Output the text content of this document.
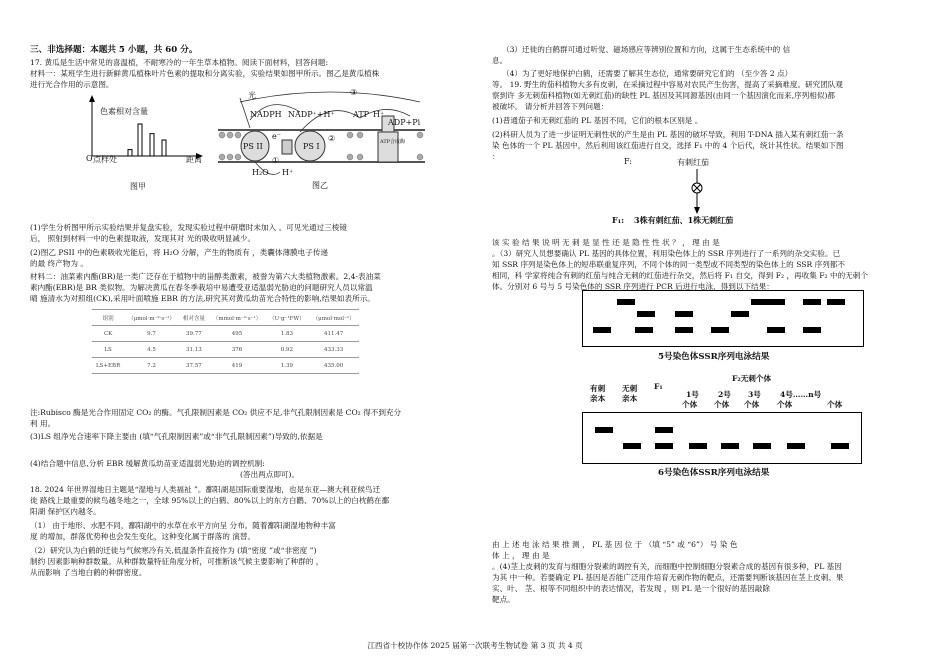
三、非选择题：本题共 5 小题，共 60 分。
17. 黄瓜是生活中常见的喜温植，不耐寒冷的一年生草本植物。阅读下面材料，回答问题:
材料一：某班学生进行新鲜黄瓜植株叶片色素的提取和分离实验，实验结果如图甲所示。图乙是黄瓜植株
进行光合作用的示意图。
色素相对含量
O 点样处	距离
图甲
光	③
NADPH NADP⁺+H⁺ ATP H⁺
ADP+Pi
PS II	PS I
e⁻
①
②	ATP合成酶
H₂O H⁺
图乙
(1)学生分析图甲所示实验结果并复盘实验，发现实验过程中研磨时未加入 。可见光通过三棱镜
后， 照射到材料一中的色素提取液，发现其对 光的吸收明显减少。
(2)图乙 PSII 中的色素吸收光能后，将 H₂O 分解，产生的物质有 ，类囊体薄膜电子传递
的最 终产物为 。
材料二：油菜素内酯(BR)是一类广泛存在于植物中的甾醇类激素，被誉为第六大类植物激素。2,4-表油菜
素内酯(EBR)是 BR 类似物。为解决黄瓜在春冬季栽培中易遭受亚适温弱光胁迫的问题研究人员以常温
晴 施清水为对照组(CK),采用叶面喷施 EBR 的方法,研究其对黄瓜幼苗光合特性的影响,结果如表所示。
组别	（μmol·m⁻²·s⁻¹）	相对含量	（mmol·m⁻²·s⁻¹）	（U·g⁻¹FW）	（μmol·mol⁻¹）
CK	9.7	39.77	495	1.83	411.47
LS	4.5	31.13	376	0.92	433.33
LS+EBR	7.2	37.57	419	1.39	435.00
注:Rubisco 酶是光合作用固定 CO₂ 的酶。气孔限制因素是 CO₂ 供应不足,非气孔限制因素是 CO₂ 得不到充分
利 用。
(3)LS 组净光合速率下降主要由 (填“气孔限制因素”或“非气孔限制因素”)导致的,依据是
(4)结合题中信息,分析 EBR 缓解黄瓜幼苗亚适温弱光胁迫的调控机制:
(答出两点即可)。
18. 2024 年世界湿地日主题是“湿地与人类福祉 ”。鄱阳湖是国际重要湿地，也是东亚—澳大利亚候鸟迁
徙 路线上最重要的候鸟越冬地之一，全球 95%以上的白鹤、80%以上的东方白鹳、70%以上的白枕鹤在鄱
阳湖 保护区内越冬。
（1） 由于地形、水肥不同，鄱阳湖中的水草在水平方向呈 分布。随着鄱阳湖湿地物种丰富
度 的增加，群落优势种也会发生变化，这种变化属于群落的 演替。
（2）研究认为白鹤的迁徙与气候寒冷有关,低温条件直接作为 (填“密度 ”或“非密度 ”)
制约 因素影响种群数量。从种群数量特征角度分析，可推断该气候主要影响了种群的 ，
从而影响 了当地白鹤的种群密度。
（3）迁徙的白鹤群可通过听觉、磁场感应等辨别位置和方向，这属于生态系统中的 信
息。
（4）为了更好地保护白鹤，还需要了解其生态位，通常要研究它们的 （至少答 2 点）
等。 19. 野生的茄科植物大多有皮刺，在采摘过程中容易对农民产生伤害，提高了采摘难度。研究团队观
察到许 多无刺茄科植物(如无刺红茄)的缺性 PL 基因及其同源基因(由同一个基因演化而来,序列相似)都
被破坏。 请分析并回答下列问题：
(1)普通茄子和无刺红茄的 PL 基因不同，它们的根本区别是 。
(2)科研人员为了进一步证明无刺性状的产生是由 PL 基因的破坏导致，利用 T-DNA 插入某有刺红茄一条
染 色体的一个 PL 基因中，然后利用该红茄进行自交，选择 F₁ 中的 4 个后代，统计其性状。结果如下图
：
F:	有刺红茄
F₁: 3株有刺红茄、1株无刺红茄
该 实 验 结 果 说 明 无 刺 是 显 性 还 是 隐 性 性 状 ？ ， 理 由 是
。（3）研究人员想要确认 PL 基因的具体位置，利用染色体上的 SSR 序列进行了一系列的杂交实验。已
知 SSR 序列是染色体上的短串联重复序列，不同个体的同一类型或不同类型的染色体上的 SSR 序列都不
相同，科 学家将纯合有刺的红茄与纯合无刺的红茄进行杂交，然后将 F₁ 自交，得到 F₂ ，再收集 F₂ 中的无刺个
体。分别对 6 号与 5 号染色体的 SSR 序列进行 PCR 后进行电泳，得到以下结果：
5号染色体SSR序列电泳结果
有刺
亲本
无刺
亲本
F₁
F₂无刺个体
1号	2号 3号	4号……n号
个体 个体 个体 个体	个体
6号染色体SSR序列电泳结果
由 上 述 电 泳 结 果 推 测 ， PL 基 因 位 于 （填 “5” 或 “6”） 号 染 色
体 上 ， 理 由 是
。(4)茎上皮刺的发育与细胞分裂素的调控有关，而细胞中控制细胞分裂素合成的基因有很多种，PL 基因
为其 中一种。若要确定 PL 基因是否能广泛用作培育无刺作物的靶点，还需要判断该基因在茎上皮刺、果
实、叶、 茎、根等不同组织中的表达情况，若发现 ，则 PL 是一个很好的基因敲除
靶点。
江西省十校协作体 2025 届第一次联考生物试卷 第 3 页 共 4 页
